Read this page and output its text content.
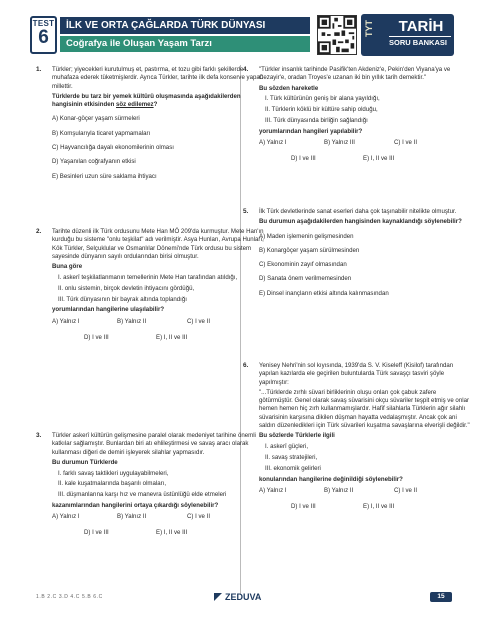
TEST
6
İLK VE ORTA ÇAĞLARDA TÜRK DÜNYASI
Coğrafya ile Oluşan Yaşam Tarzı
TYT	TARİH
SORU BANKASI
1. Türkler; yiyecekleri kurutulmuş et, pastırma, et tozu gibi farklı şekillerde muhafaza ederek tüketmişlerdir. Ayrıca Türkler, tarihte ilk defa konserve yapan millettir.
Türklerde bu tarz bir yemek kültürü oluşmasında aşağıdakilerden hangisinin etkisinden söz edilemez?
A) Konar-göçer yaşam sürmeleri
B) Komşularıyla ticaret yapmamaları
C) Hayvancılığa dayalı ekonomilerinin olması
D) Yaşanılan coğrafyanın etkisi
E) Besinleri uzun süre saklama ihtiyacı
2. Tarihte düzenli ilk Türk ordusunu Mete Han MÖ 209'da kurmuştur. Mete Han'ın kurduğu bu sisteme "onlu teşkilat" adı verilmiştir. Asya Hunları, Avrupa Hunları, Kök Türkler, Selçuklular ve Osmanlılar Dönemi'nde Türk ordusu bu sistem sayesinde dünyanın sayılı ordularından birisi olmuştur.
Buna göre
I. askerî teşkilatlanmanın temellerinin Mete Han tarafından atıldığı,
II. onlu sistemin, birçok devletin ihtiyacını gördüğü,
III. Türk dünyasının bir bayrak altında toplandığı
yorumlarından hangilerine ulaşılabilir?
A) Yalnız I	B) Yalnız II	C) I ve II
D) I ve III	E) I, II ve III
3. Türkler askerî kültürün gelişmesine paralel olarak medeniyet tarihine önemli katkılar sağlamıştır. Bunlardan biri atı ehlileştirmesi ve savaş aracı olarak kullanması diğeri de demiri işleyerek silahlar yapmasıdır.
Bu durumun Türklerde
I. farklı savaş taktikleri uygulayabilmeleri,
II. kale kuşatmalarında başarılı olmaları,
III. düşmanlarına karşı hız ve manevra üstünlüğü elde etmeleri
kazanımlarından hangilerini ortaya çıkardığı söylenebilir?
A) Yalnız I	B) Yalnız II	C) I ve II
D) I ve III	E) I, II ve III
4. "Türkler insanlık tarihinde Pasifik'ten Akdeniz'e, Pekin'den Viyana'ya ve Cezayir'e, oradan Troyes'e uzanan iki bin yıllık tarih demektir."
Bu sözden hareketle
I. Türk kültürünün geniş bir alana yayıldığı,
II. Türklerin köklü bir kültüre sahip olduğu,
III. Türk dünyasında birliğin sağlandığı
yorumlarından hangileri yapılabilir?
A) Yalnız I	B) Yalnız III	C) I ve II
D) I ve III	E) I, II ve III
5. İlk Türk devletlerinde sanat eserleri daha çok taşınabilir nitelikte olmuştur.
Bu durumun aşağıdakilerden hangisinden kaynaklandığı söylenebilir?
A) Maden işlemenin gelişmesinden
B) Konargöçer yaşam sürülmesinden
C) Ekonominin zayıf olmasından
D) Sanata önem verilmemesinden
E) Dinsel inançların etkisi altında kalınmasından
6. Yenisey Nehri'nin sol kıyısında, 1939'da S. V. Kiseleff (Kisilof) tarafından yapılan kazılarda ele geçirilen buluntularda Türk savaşçı tasviri şöyle yapılmıştır:
"...Türklerde zırhlı süvari birliklerinin oluşu onları çok çabuk zafere götürmüştür. Genel olarak savaş süvarisini okçu süvariler teşpit etmiş ve onlar hemen hemen hiç zırh kullanmamışlardır. Hafif silahlarla Türklerin ağır silahlı süvarisinin karşısına dikilen düşman hayatta vedalaşmıştır. Ancak çok ani saldırı düzenledikleri için Türk süvarileri kuşatma savaşlarına elverişli değildir."
Bu sözlerde Türklerle ilgili
I. askerî güçleri,
II. savaş stratejileri,
III. ekonomik gelirleri
konularından hangilerine değinildiği söylenebilir?
A) Yalnız I	B) Yalnız II	C) I ve II
D) I ve III	E) I, II ve III
1.B 2.C 3.D 4.C 5.B 6.C	ZEDUVA	15
